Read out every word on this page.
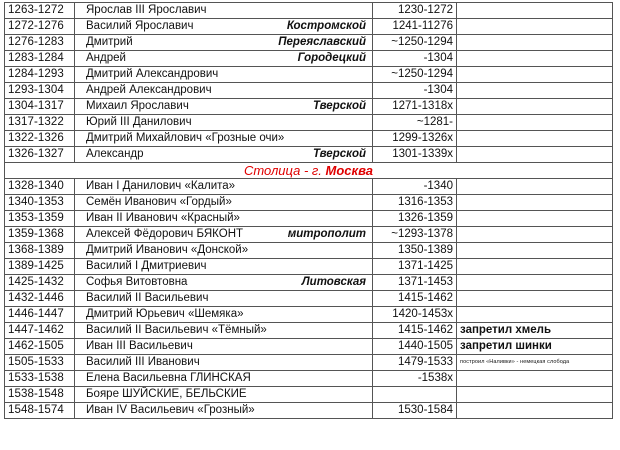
1263-1272	Ярослав III Ярославич	1230-1272	
1272-1276	Василий Ярославич Костромской	1241-11276	
1276-1283	Дмитрий Переяславский	~1250-1294	
1283-1284	Андрей Городецкий	-1304	
1284-1293	Дмитрий Александрович	~1250-1294	
1293-1304	Андрей Александрович	-1304	
1304-1317	Михаил Ярославич Тверской	1271-1318х	
1317-1322	Юрий III Данилович	~1281-	
1322-1326	Дмитрий Михайлович «Грозные очи»	1299-1326х	
1326-1327	Александр Тверской	1301-1339х	
Столица - г. Москва			
1328-1340	Иван I Данилович «Калита»	-1340	
1340-1353	Семён Иванович «Гордый»	1316-1353	
1353-1359	Иван II Иванович «Красный»	1326-1359	
1359-1368	Алексей Фёдорович БЯКОНТ митрополит	~1293-1378	
1368-1389	Дмитрий Иванович «Донской»	1350-1389	
1389-1425	Василий I Дмитриевич	1371-1425	
1425-1432	Софья Витовтовна Литовская	1371-1453	
1432-1446	Василий II Васильевич	1415-1462	
1446-1447	Дмитрий Юрьевич «Шемяка»	1420-1453х	
1447-1462	Василий II Васильевич «Тёмный»	1415-1462	запретил хмель
1462-1505	Иван III Васильевич	1440-1505	запретил шинки
1505-1533	Василий III Иванович	1479-1533	построил «Наливки» - немецкая слобода
1533-1538	Елена Васильевна ГЛИНСКАЯ	-1538х	
1538-1548	Бояре ШУЙСКИЕ, БЕЛЬСКИЕ		
1548-1574	Иван IV Васильевич «Грозный»	1530-1584	
